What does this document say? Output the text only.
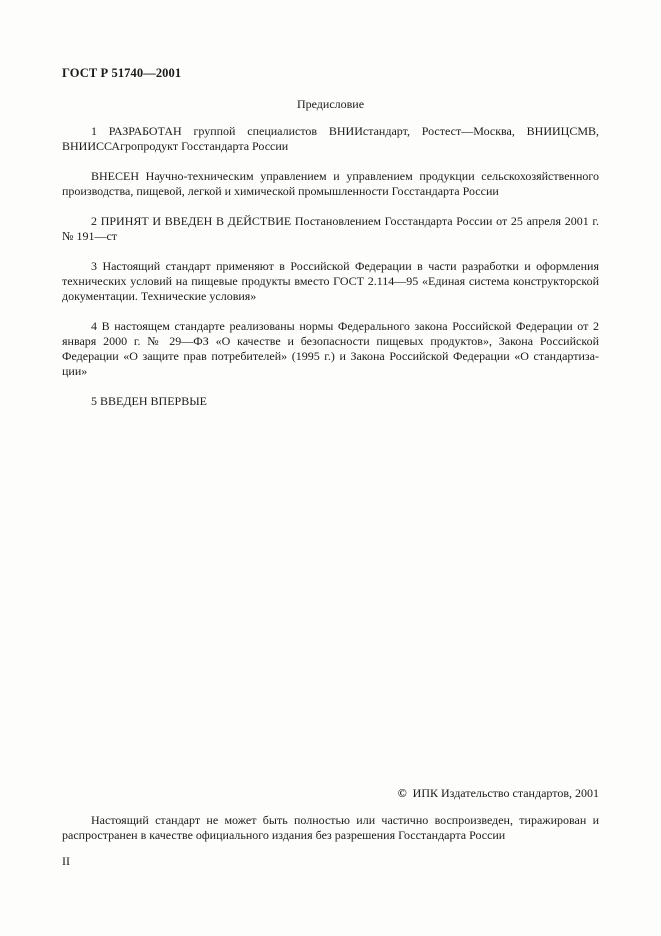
ГОСТ Р 51740—2001
Предисловие

1 РАЗРАБОТАН группой специалистов ВНИИстандарт, Ростест—Москва, ВНИИЦСМВ, ВНИИССАгропродукт Госстандарта России

ВНЕСЕН Научно-техническим управлением и управлением продукции сельскохозяйственного производства, пищевой, легкой и химической промышленности Госстандарта России

2 ПРИНЯТ И ВВЕДЕН В ДЕЙСТВИЕ Постановлением Госстандарта России от 25 апреля 2001 г. № 191—ст

3 Настоящий стандарт применяют в Российской Федерации в части разработки и оформления технических условий на пищевые продукты вместо ГОСТ 2.114—95 «Единая система конструкторской документации. Технические условия»

4 В настоящем стандарте реализованы нормы Федерального закона Российской Федерации от 2 января 2000 г. № 29—ФЗ «О качестве и безопасности пищевых продуктов», Закона Российской Федерации «О защите прав потребителей» (1995 г.) и Закона Российской Федерации «О стандартиза-ции»

5 ВВЕДЕН ВПЕРВЫЕ

© ИПК Издательство стандартов, 2001

Настоящий стандарт не может быть полностью или частично воспроизведен, тиражирован и распространен в качестве официального издания без разрешения Госстандарта России

II
